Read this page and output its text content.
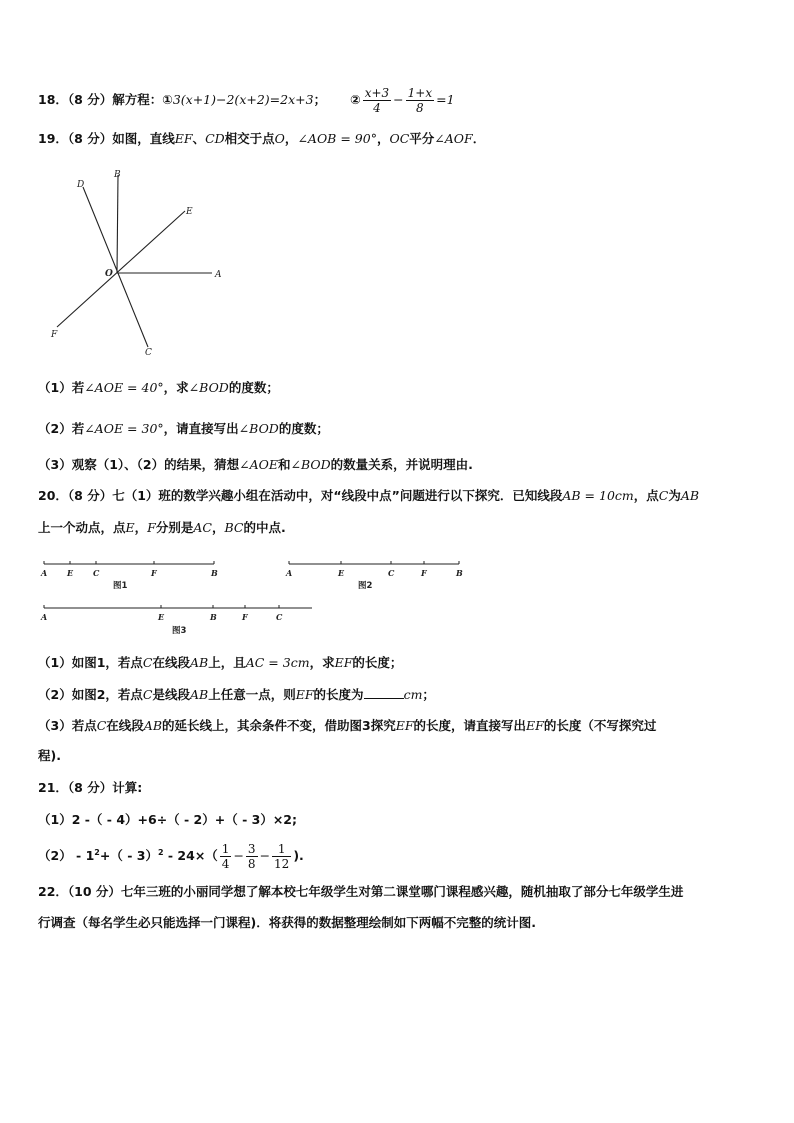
18．（8 分）解方程：①3(x+1)−2(x+2)=2x+3； ② $\frac{x+3}{4} - \frac{1+x}{8} =1$
19．（8 分）如图，直线EF、CD相交于点O，∠AOB = 90°，OC平分∠AOF．
D
B
E
O	A
F
C
（1）若∠AOE = 40°，求∠BOD的度数；
（2）若∠AOE = 30°，请直接写出∠BOD的度数；
（3）观察（1）、（2）的结果，猜想∠AOE和∠BOD的数量关系，并说明理由.
20．（8 分）七（1）班的数学兴趣小组在活动中，对“线段中点”问题进行以下探究．已知线段AB = 10cm，点C为AB
上一个动点，点E，F分别是AC，BC的中点.
A E C	F	B
图1
A	E	C	F	B
图2
A	E	B	F	C
图3
（1）如图1，若点C在线段AB上，且AC = 3cm，求EF的长度；
（2）如图2，若点C是线段AB上任意一点，则EF的长度为	cm；
（3）若点C在线段AB的延长线上，其余条件不变，借助图3探究EF的长度，请直接写出EF的长度（不写探究过
程).
21．（8 分）计算:
（1）2 -（ - 4）+6÷（ - 2）+（ - 3）×2;
$(2) - 1^2+( - 3)^2 - 24\times( \frac{1}{4} - \frac{3}{8} - \frac{1}{12}$ ).
22．（10 分）七年三班的小丽同学想了解本校七年级学生对第二课堂哪门课程感兴趣，随机抽取了部分七年级学生进
行调查（每名学生必只能选择一门课程)．将获得的数据整理绘制如下两幅不完整的统计图.
